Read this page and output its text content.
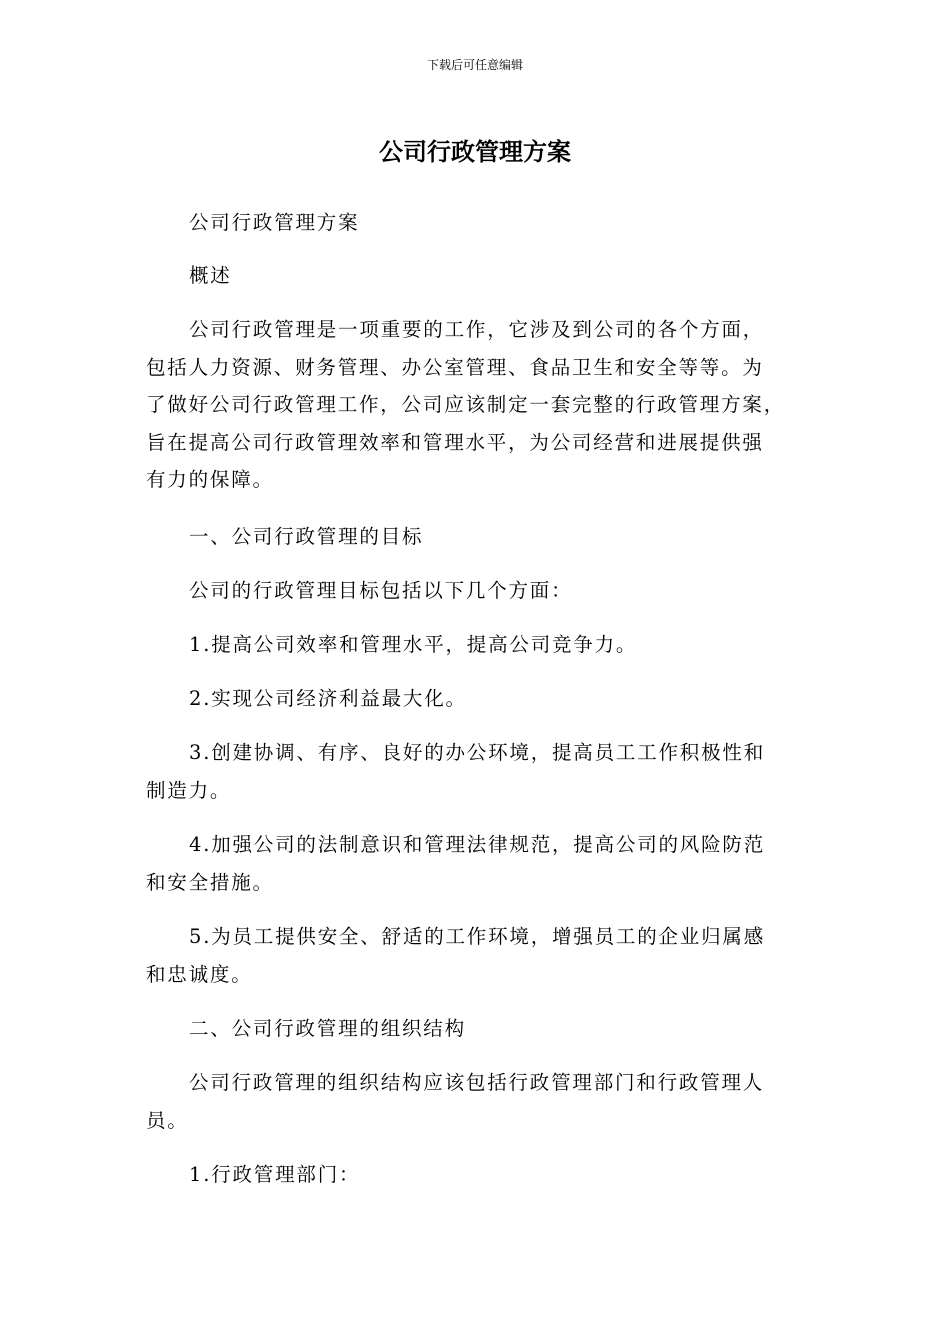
下载后可任意编辑
公司行政管理方案

公司行政管理方案

概述

公司行政管理是一项重要的工作，它涉及到公司的各个方面，
包括人力资源、财务管理、办公室管理、食品卫生和安全等等。为
了做好公司行政管理工作，公司应该制定一套完整的行政管理方案，
旨在提高公司行政管理效率和管理水平，为公司经营和进展提供强
有力的保障。

一、公司行政管理的目标

公司的行政管理目标包括以下几个方面：

1.提高公司效率和管理水平，提高公司竞争力。

2.实现公司经济利益最大化。

3.创建协调、有序、良好的办公环境，提高员工工作积极性和
制造力。

4.加强公司的法制意识和管理法律规范，提高公司的风险防范
和安全措施。

5.为员工提供安全、舒适的工作环境，增强员工的企业归属感
和忠诚度。

二、公司行政管理的组织结构

公司行政管理的组织结构应该包括行政管理部门和行政管理人
员。

1.行政管理部门：
